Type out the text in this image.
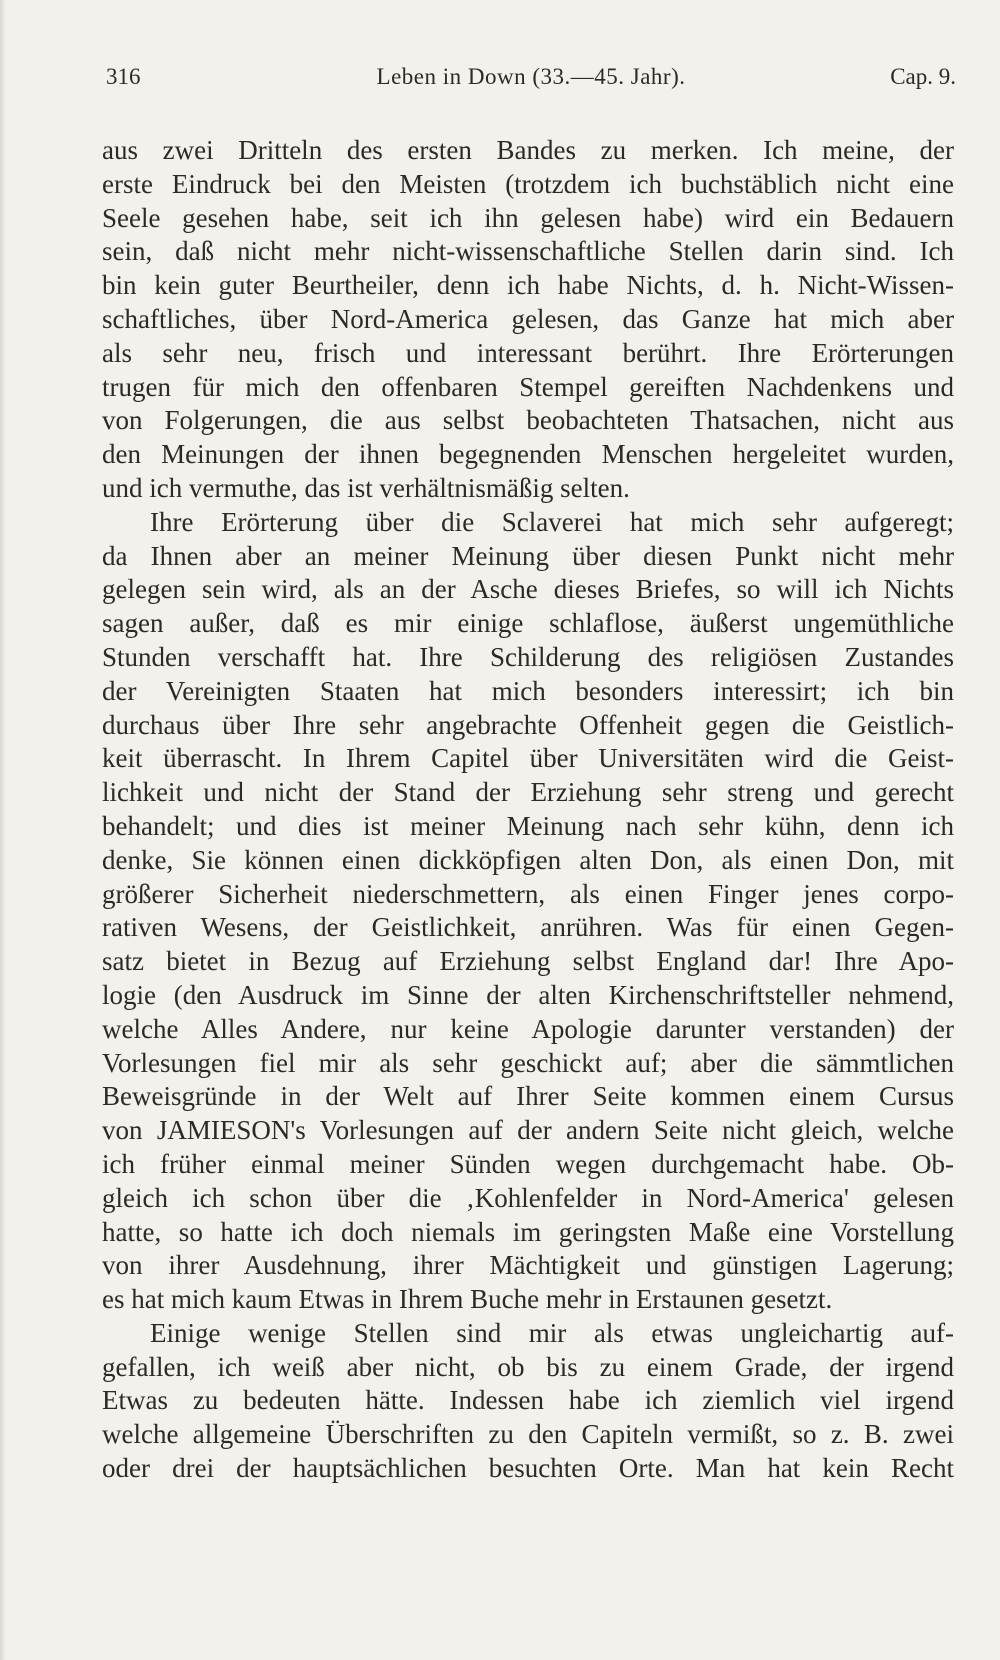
316	Leben in Down (33.—45. Jahr).	Cap. 9.
aus zwei Dritteln des ersten Bandes zu merken. Ich meine, der
erste Eindruck bei den Meisten (trotzdem ich buchstäblich nicht eine
Seele gesehen habe, seit ich ihn gelesen habe) wird ein Bedauern
sein, daß nicht mehr nicht-wissenschaftliche Stellen darin sind. Ich
bin kein guter Beurtheiler, denn ich habe Nichts, d. h. Nicht-Wissen-
schaftliches, über Nord-America gelesen, das Ganze hat mich aber
als sehr neu, frisch und interessant berührt. Ihre Erörterungen
trugen für mich den offenbaren Stempel gereiften Nachdenkens und
von Folgerungen, die aus selbst beobachteten Thatsachen, nicht aus
den Meinungen der ihnen begegnenden Menschen hergeleitet wurden,
und ich vermuthe, das ist verhältnismäßig selten.
Ihre Erörterung über die Sclaverei hat mich sehr aufgeregt;
da Ihnen aber an meiner Meinung über diesen Punkt nicht mehr
gelegen sein wird, als an der Asche dieses Briefes, so will ich Nichts
sagen außer, daß es mir einige schlaflose, äußerst ungemüthliche
Stunden verschafft hat. Ihre Schilderung des religiösen Zustandes
der Vereinigten Staaten hat mich besonders interessirt; ich bin
durchaus über Ihre sehr angebrachte Offenheit gegen die Geistlich-
keit überrascht. In Ihrem Capitel über Universitäten wird die Geist-
lichkeit und nicht der Stand der Erziehung sehr streng und gerecht
behandelt; und dies ist meiner Meinung nach sehr kühn, denn ich
denke, Sie können einen dickköpfigen alten Don, als einen Don, mit
größerer Sicherheit niederschmettern, als einen Finger jenes corpo-
rativen Wesens, der Geistlichkeit, anrühren. Was für einen Gegen-
satz bietet in Bezug auf Erziehung selbst England dar! Ihre Apo-
logie (den Ausdruck im Sinne der alten Kirchenschriftsteller nehmend,
welche Alles Andere, nur keine Apologie darunter verstanden) der
Vorlesungen fiel mir als sehr geschickt auf; aber die sämmtlichen
Beweisgründe in der Welt auf Ihrer Seite kommen einem Cursus
von JAMIESON's Vorlesungen auf der andern Seite nicht gleich, welche
ich früher einmal meiner Sünden wegen durchgemacht habe. Ob-
gleich ich schon über die ‚Kohlenfelder in Nord-America' gelesen
hatte, so hatte ich doch niemals im geringsten Maße eine Vorstellung
von ihrer Ausdehnung, ihrer Mächtigkeit und günstigen Lagerung;
es hat mich kaum Etwas in Ihrem Buche mehr in Erstaunen gesetzt.
Einige wenige Stellen sind mir als etwas ungleichartig auf-
gefallen, ich weiß aber nicht, ob bis zu einem Grade, der irgend
Etwas zu bedeuten hätte. Indessen habe ich ziemlich viel irgend
welche allgemeine Überschriften zu den Capiteln vermißt, so z. B. zwei
oder drei der hauptsächlichen besuchten Orte. Man hat kein Recht
